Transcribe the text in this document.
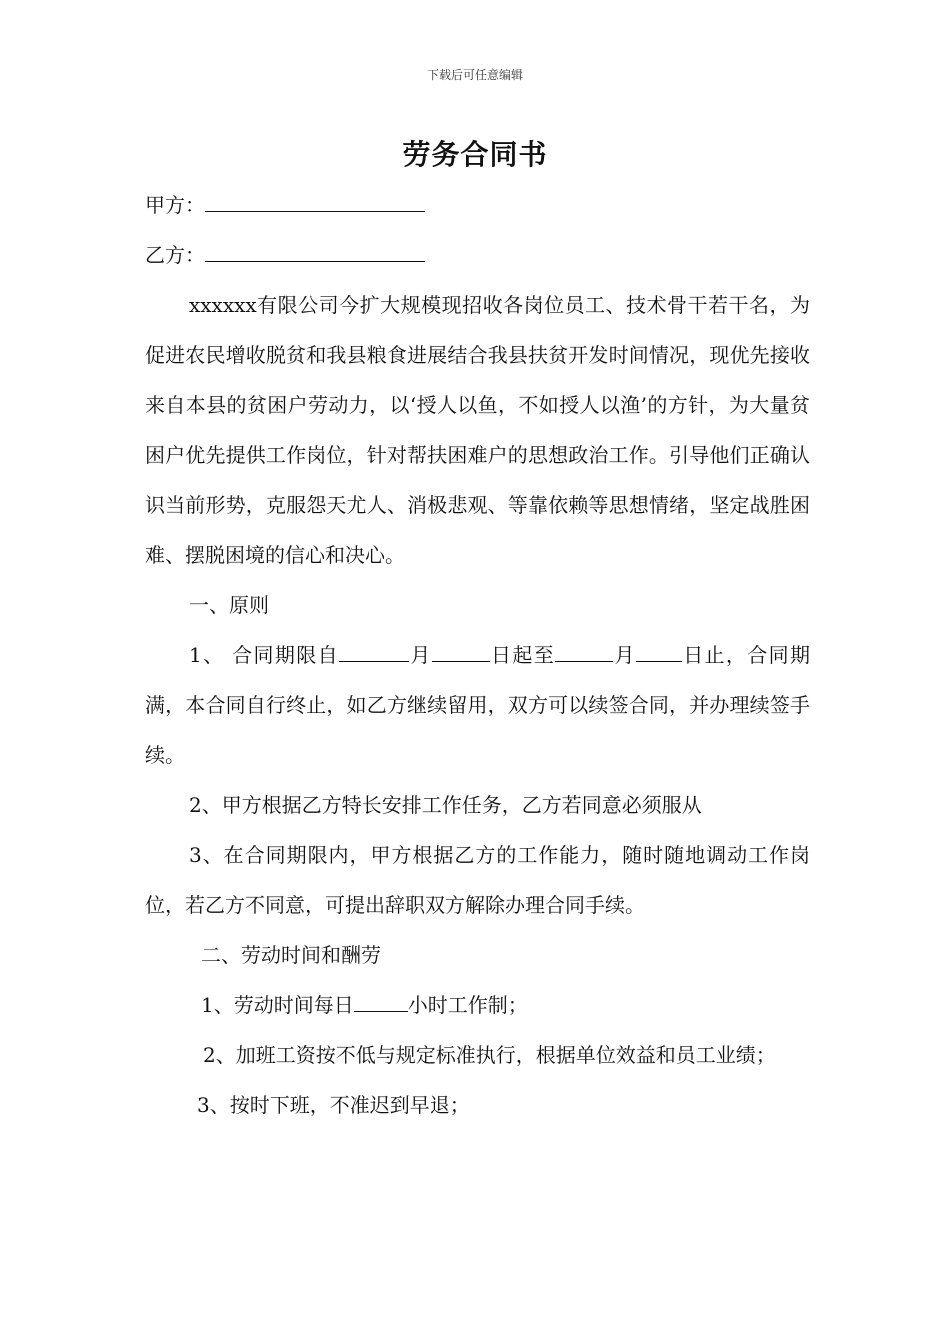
下载后可任意编辑
劳务合同书

甲方：

乙方：

xxxxxx有限公司今扩大规模现招收各岗位员工、技术骨干若干名，为促进农民增收脱贫和我县粮食进展结合我县扶贫开发时间情况，现优先接收来自本县的贫困户劳动力，以‘授人以鱼，不如授人以渔’的方针，为大量贫困户优先提供工作岗位，针对帮扶困难户的思想政治工作。引导他们正确认识当前形势，克服怨天尤人、消极悲观、等靠依赖等思想情绪，坚定战胜困难、摆脱困境的信心和决心。

一、原则

1、 合同期限自	月	日起至	月 日止，合同期满，本合同自行终止，如乙方继续留用，双方可以续签合同，并办理续签手续。

2、甲方根据乙方特长安排工作任务，乙方若同意必须服从

3、在合同期限内，甲方根据乙方的工作能力，随时随地调动工作岗位，若乙方不同意，可提出辞职双方解除办理合同手续。

二、劳动时间和酬劳

1、劳动时间每日	小时工作制；

2、加班工资按不低与规定标准执行，根据单位效益和员工业绩；

3、按时下班，不准迟到早退；
